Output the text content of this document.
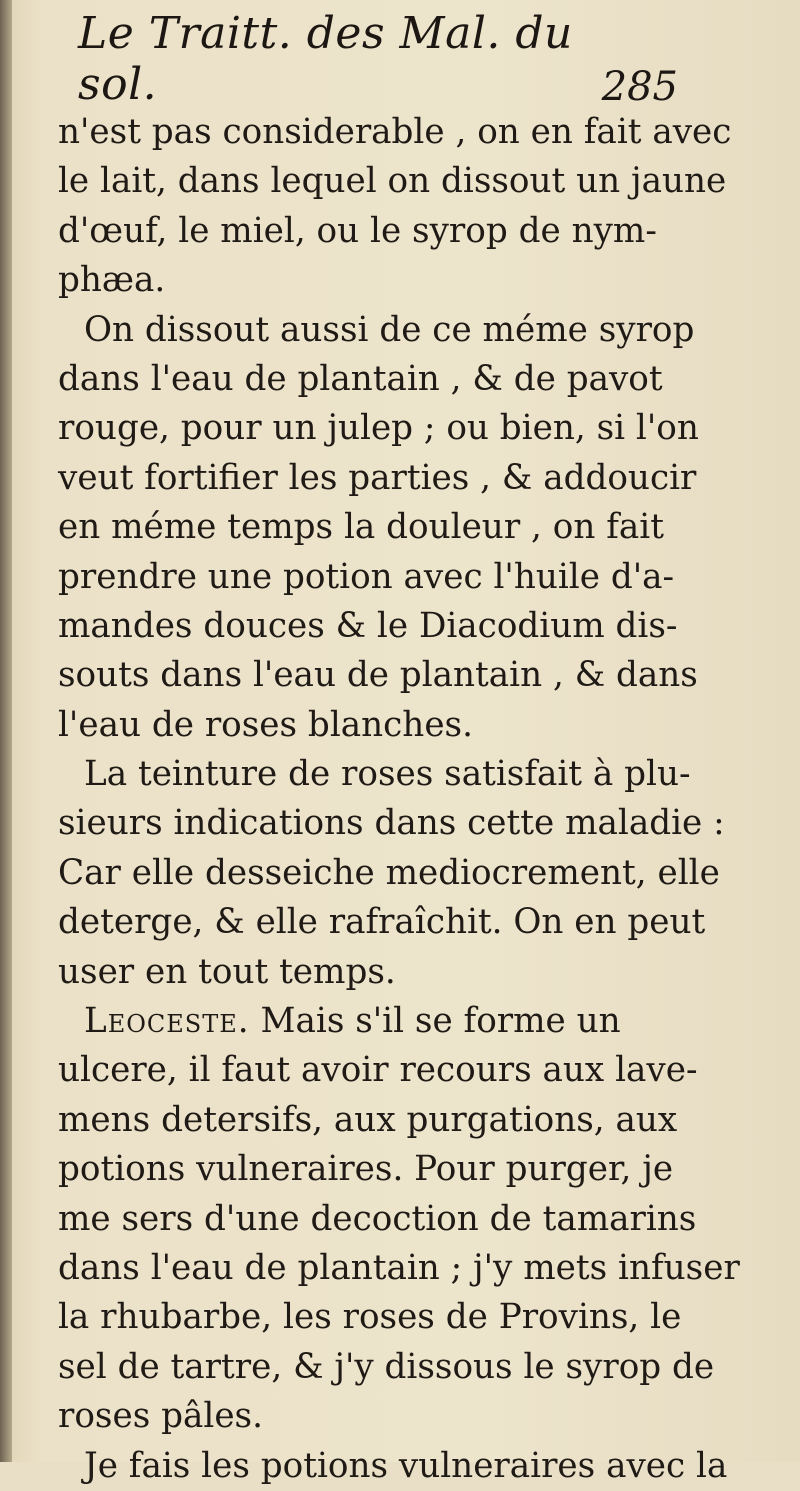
Le Traitt. des Mal. du sol.	285
n'est pas considerable , on en fait avec
le lait, dans lequel on dissout un jaune
d'œuf, le miel, ou le syrop de nym-
phæa.
On dissout aussi de ce méme syrop
dans l'eau de plantain , & de pavot
rouge, pour un julep ; ou bien, si l'on
veut fortifier les parties , & addoucir
en méme temps la douleur , on fait
prendre une potion avec l'huile d'a-
mandes douces & le Diacodium dis-
souts dans l'eau de plantain , & dans
l'eau de roses blanches.
La teinture de roses satisfait à plu-
sieurs indications dans cette maladie :
Car elle desseiche mediocrement, elle
deterge, & elle rafraîchit. On en peut
user en tout temps.
Leoceste. Mais s'il se forme un
ulcere, il faut avoir recours aux lave-
mens detersifs, aux purgations, aux
potions vulneraires. Pour purger, je
me sers d'une decoction de tamarins
dans l'eau de plantain ; j'y mets infuser
la rhubarbe, les roses de Provins, le
sel de tartre, & j'y dissous le syrop de
roses pâles.
Je fais les potions vulneraires avec la
